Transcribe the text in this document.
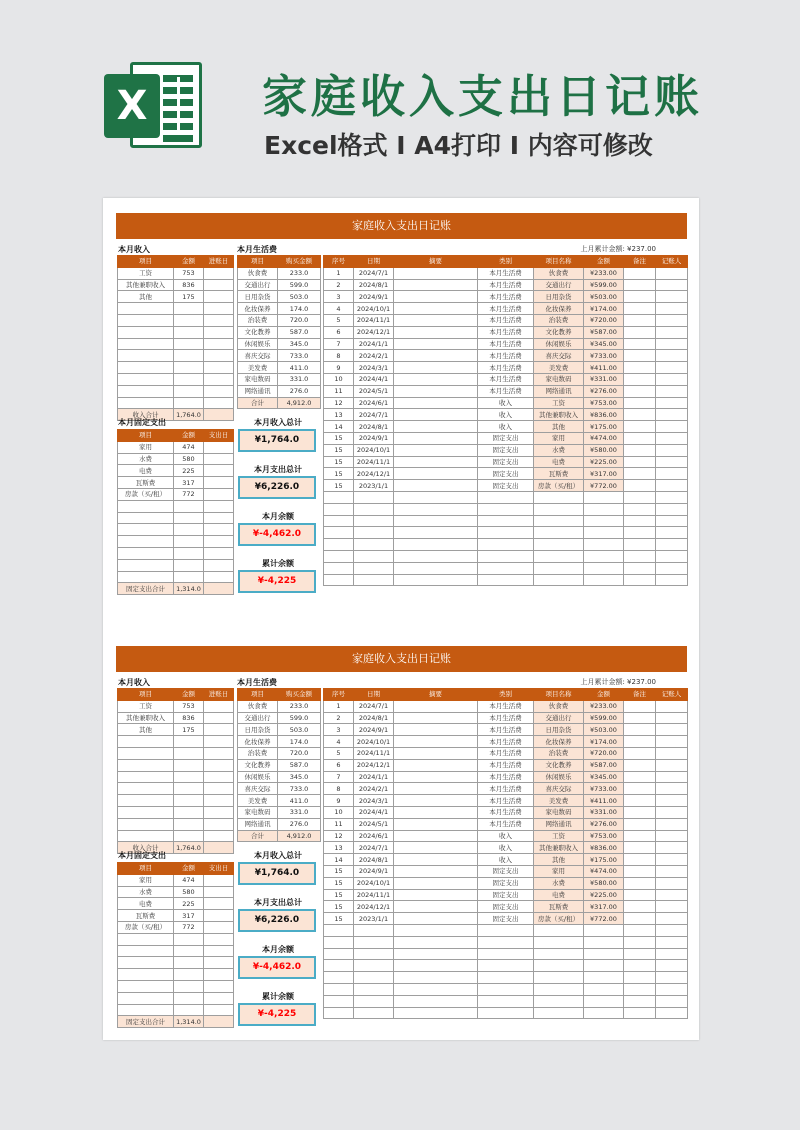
X	家庭收入支出日记账
Excel格式 I A4打印 I 内容可修改
家庭收入支出日记账
本月收入
项目	金额	进账日
工资	753	
其他兼职收入	836	
其他	175	

收入合计	1,764.0	
本月生活费
项目	购买金额
伙食费	233.0
交通出行	599.0
日用杂货	503.0
化妆保养	174.0
治装费	720.0
文化教养	587.0
休闲娱乐	345.0
喜庆交际	733.0
美发费	411.0
家电数码	331.0
网络通讯	276.0
合计	4,912.0
本月固定支出
项目	金额	支出日
家用	474	
水费	580	
电费	225	
瓦斯费	317	
房款（买/租）	772	

固定支出合计	1,314.0	
本月收入总计
¥1,764.0
本月支出总计
¥6,226.0
本月余额
¥-4,462.0
累计余额
¥-4,225
上月累计金额: ¥237.00
序号	日期	摘要	类别	项目名称	金额	备注	记账人
1	2024/7/1		本月生活费	伙食费	¥233.00		
2	2024/8/1		本月生活费	交通出行	¥599.00		
3	2024/9/1		本月生活费	日用杂货	¥503.00		
4	2024/10/1		本月生活费	化妆保养	¥174.00		
5	2024/11/1		本月生活费	治装费	¥720.00		
6	2024/12/1		本月生活费	文化教养	¥587.00		
7	2024/1/1		本月生活费	休闲娱乐	¥345.00		
8	2024/2/1		本月生活费	喜庆交际	¥733.00		
9	2024/3/1		本月生活费	美发费	¥411.00		
10	2024/4/1		本月生活费	家电数码	¥331.00		
11	2024/5/1		本月生活费	网络通讯	¥276.00		
12	2024/6/1		收入	工资	¥753.00		
13	2024/7/1		收入	其他兼职收入	¥836.00		
14	2024/8/1		收入	其他	¥175.00		
15	2024/9/1		固定支出	家用	¥474.00		
15	2024/10/1		固定支出	水费	¥580.00		
15	2024/11/1		固定支出	电费	¥225.00		
15	2024/12/1		固定支出	瓦斯费	¥317.00		
15	2023/1/1		固定支出	房款（买/租）	¥772.00		

家庭收入支出日记账
本月收入
项目	金额	进账日
工资	753	
其他兼职收入	836	
其他	175	

收入合计	1,764.0	
本月生活费
项目	购买金额
伙食费	233.0
交通出行	599.0
日用杂货	503.0
化妆保养	174.0
治装费	720.0
文化教养	587.0
休闲娱乐	345.0
喜庆交际	733.0
美发费	411.0
家电数码	331.0
网络通讯	276.0
合计	4,912.0
本月固定支出
项目	金额	支出日
家用	474	
水费	580	
电费	225	
瓦斯费	317	
房款（买/租）	772	

固定支出合计	1,314.0	
本月收入总计
¥1,764.0
本月支出总计
¥6,226.0
本月余额
¥-4,462.0
累计余额
¥-4,225
上月累计金额: ¥237.00
序号	日期	摘要	类别	项目名称	金额	备注	记账人
1	2024/7/1		本月生活费	伙食费	¥233.00		
2	2024/8/1		本月生活费	交通出行	¥599.00		
3	2024/9/1		本月生活费	日用杂货	¥503.00		
4	2024/10/1		本月生活费	化妆保养	¥174.00		
5	2024/11/1		本月生活费	治装费	¥720.00		
6	2024/12/1		本月生活费	文化教养	¥587.00		
7	2024/1/1		本月生活费	休闲娱乐	¥345.00		
8	2024/2/1		本月生活费	喜庆交际	¥733.00		
9	2024/3/1		本月生活费	美发费	¥411.00		
10	2024/4/1		本月生活费	家电数码	¥331.00		
11	2024/5/1		本月生活费	网络通讯	¥276.00		
12	2024/6/1		收入	工资	¥753.00		
13	2024/7/1		收入	其他兼职收入	¥836.00		
14	2024/8/1		收入	其他	¥175.00		
15	2024/9/1		固定支出	家用	¥474.00		
15	2024/10/1		固定支出	水费	¥580.00		
15	2024/11/1		固定支出	电费	¥225.00		
15	2024/12/1		固定支出	瓦斯费	¥317.00		
15	2023/1/1		固定支出	房款（买/租）	¥772.00		
